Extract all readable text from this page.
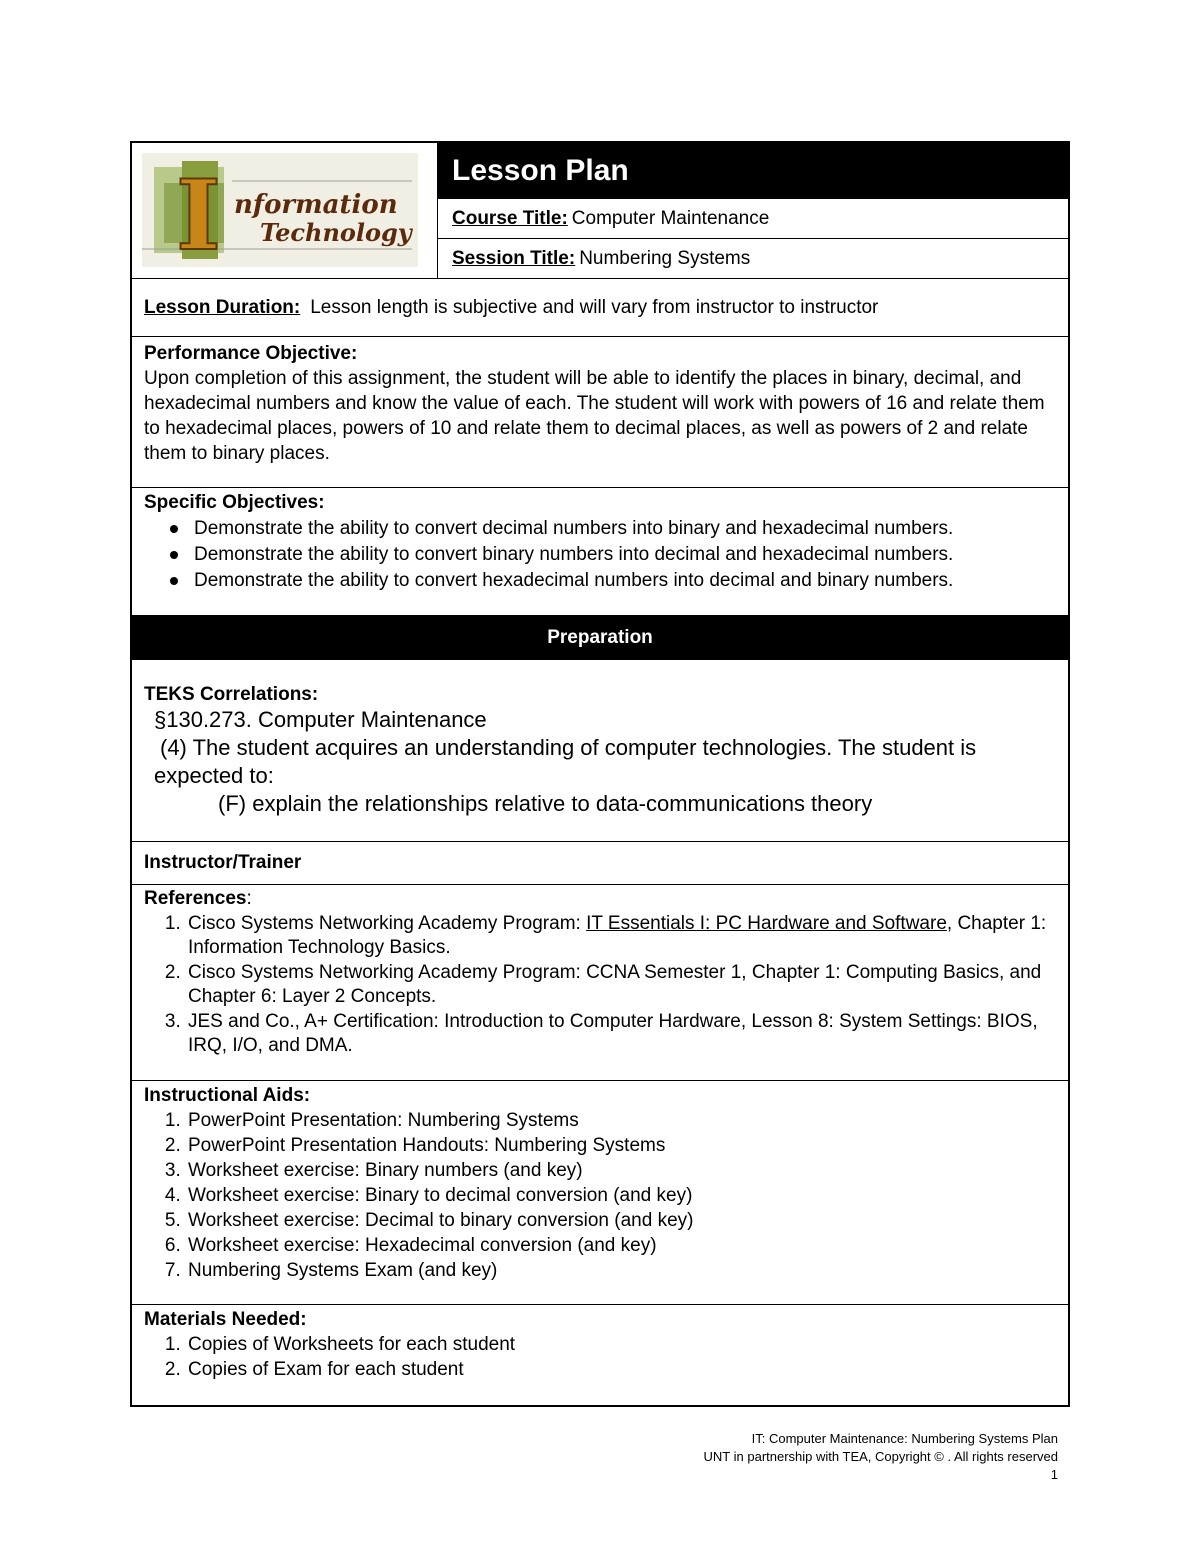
I nformation
Technology
Lesson Plan
Course Title: Computer Maintenance
Session Title: Numbering Systems
Lesson Duration: Lesson length is subjective and will vary from instructor to instructor
Performance Objective:
Upon completion of this assignment, the student will be able to identify the places in binary, decimal, and hexadecimal numbers and know the value of each. The student will work with powers of 16 and relate them to hexadecimal places, powers of 10 and relate them to decimal places, as well as powers of 2 and relate them to binary places.
Specific Objectives:
Demonstrate the ability to convert decimal numbers into binary and hexadecimal numbers.
Demonstrate the ability to convert binary numbers into decimal and hexadecimal numbers.
Demonstrate the ability to convert hexadecimal numbers into decimal and binary numbers.
Preparation
TEKS Correlations:
§130.273. Computer Maintenance
(4) The student acquires an understanding of computer technologies. The student is expected to:
(F) explain the relationships relative to data-communications theory
Instructor/Trainer
References:
1. Cisco Systems Networking Academy Program: IT Essentials I: PC Hardware and Software, Chapter 1: Information Technology Basics.
2. Cisco Systems Networking Academy Program: CCNA Semester 1, Chapter 1: Computing Basics, and Chapter 6: Layer 2 Concepts.
3. JES and Co., A+ Certification: Introduction to Computer Hardware, Lesson 8: System Settings: BIOS, IRQ, I/O, and DMA.
Instructional Aids:
1. PowerPoint Presentation: Numbering Systems
2. PowerPoint Presentation Handouts: Numbering Systems
3. Worksheet exercise: Binary numbers (and key)
4. Worksheet exercise: Binary to decimal conversion (and key)
5. Worksheet exercise: Decimal to binary conversion (and key)
6. Worksheet exercise: Hexadecimal conversion (and key)
7. Numbering Systems Exam (and key)
Materials Needed:
1. Copies of Worksheets for each student
2. Copies of Exam for each student
IT: Computer Maintenance: Numbering Systems Plan
UNT in partnership with TEA, Copyright © . All rights reserved
1
